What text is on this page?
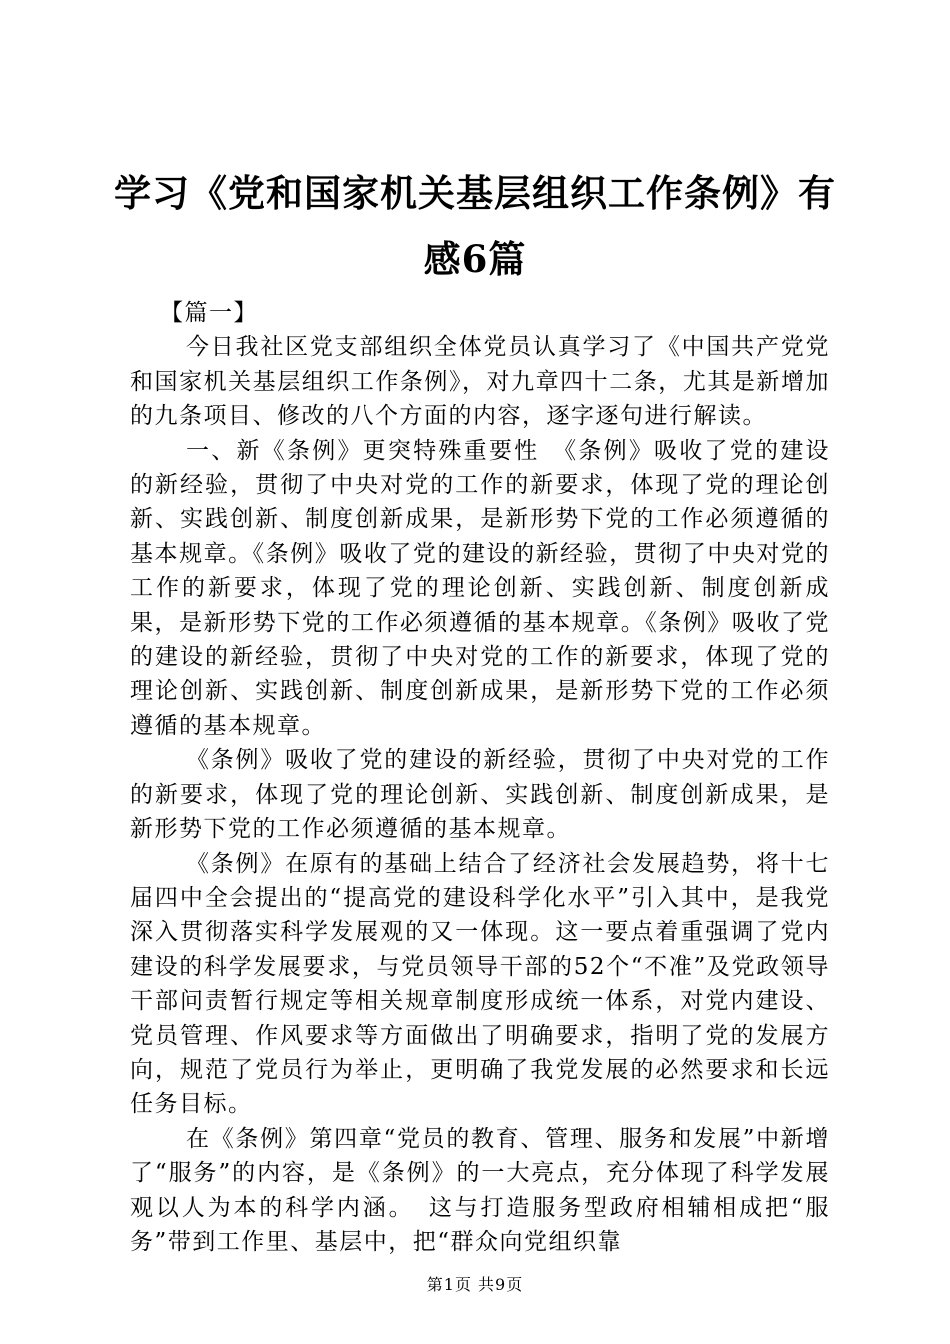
学习《党和国家机关基层组织工作条例》有感6篇

【篇一】

今日我社区党支部组织全体党员认真学习了《中国共产党党和国家机关基层组织工作条例》，对九章四十二条，尤其是新增加的九条项目、修改的八个方面的内容，逐字逐句进行解读。

一、新《条例》更突特殊重要性　《条例》吸收了党的建设的新经验，贯彻了中央对党的工作的新要求，体现了党的理论创新、实践创新、制度创新成果，是新形势下党的工作必须遵循的基本规章。《条例》吸收了党的建设的新经验，贯彻了中央对党的工作的新要求，体现了党的理论创新、实践创新、制度创新成果，是新形势下党的工作必须遵循的基本规章。《条例》吸收了党的建设的新经验，贯彻了中央对党的工作的新要求，体现了党的理论创新、实践创新、制度创新成果，是新形势下党的工作必须遵循的基本规章。

《条例》吸收了党的建设的新经验，贯彻了中央对党的工作的新要求，体现了党的理论创新、实践创新、制度创新成果，是新形势下党的工作必须遵循的基本规章。

《条例》在原有的基础上结合了经济社会发展趋势，将十七届四中全会提出的“提高党的建设科学化水平”引入其中，是我党深入贯彻落实科学发展观的又一体现。这一要点着重强调了党内建设的科学发展要求，与党员领导干部的52个“不准”及党政领导干部问责暂行规定等相关规章制度形成统一体系，对党内建设、党员管理、作风要求等方面做出了明确要求，指明了党的发展方向，规范了党员行为举止，更明确了我党发展的必然要求和长远任务目标。

在《条例》第四章“党员的教育、管理、服务和发展”中新增了“服务”的内容，是《条例》的一大亮点，充分体现了科学发展观以人为本的科学内涵。　这与打造服务型政府相辅相成把“服务”带到工作里、基层中，把“群众向党组织靠

第1页 共9页
